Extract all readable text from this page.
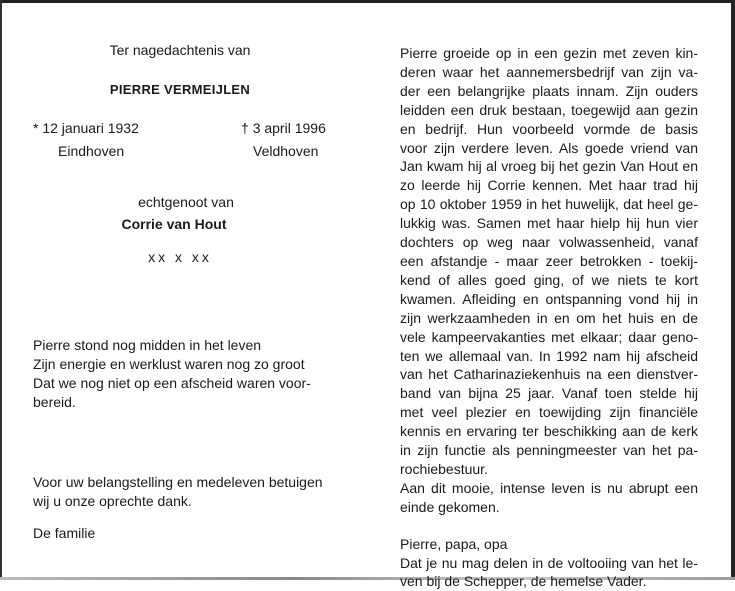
Ter nagedachtenis van
PIERRE VERMEIJLEN
* 12 januari 1932
Eindhoven
† 3 april 1996
Veldhoven
echtgenoot van
Corrie van Hout
xx x xx
Pierre stond nog midden in het leven
Zijn energie en werklust waren nog zo groot
Dat we nog niet op een afscheid waren voor-
bereid.
Voor uw belangstelling en medeleven betuigen
wij u onze oprechte dank.
De familie
Pierre groeide op in een gezin met zeven kin-
deren waar het aannemersbedrijf van zijn va-
der een belangrijke plaats innam. Zijn ouders
leidden een druk bestaan, toegewijd aan gezin
en bedrijf. Hun voorbeeld vormde de basis
voor zijn verdere leven. Als goede vriend van
Jan kwam hij al vroeg bij het gezin Van Hout en
zo leerde hij Corrie kennen. Met haar trad hij
op 10 oktober 1959 in het huwelijk, dat heel ge-
lukkig was. Samen met haar hielp hij hun vier
dochters op weg naar volwassenheid, vanaf
een afstandje - maar zeer betrokken - toekij-
kend of alles goed ging, of we niets te kort
kwamen. Afleiding en ontspanning vond hij in
zijn werkzaamheden in en om het huis en de
vele kampeervakanties met elkaar; daar geno-
ten we allemaal van. In 1992 nam hij afscheid
van het Catharinaziekenhuis na een dienstver-
band van bijna 25 jaar. Vanaf toen stelde hij
met veel plezier en toewijding zijn financiële
kennis en ervaring ter beschikking aan de kerk
in zijn functie als penningmeester van het pa-
rochiebestuur.
Aan dit mooie, intense leven is nu abrupt een
einde gekomen.
Pierre, papa, opa
Dat je nu mag delen in de voltooiing van het le-
ven bij de Schepper, de hemelse Vader.
